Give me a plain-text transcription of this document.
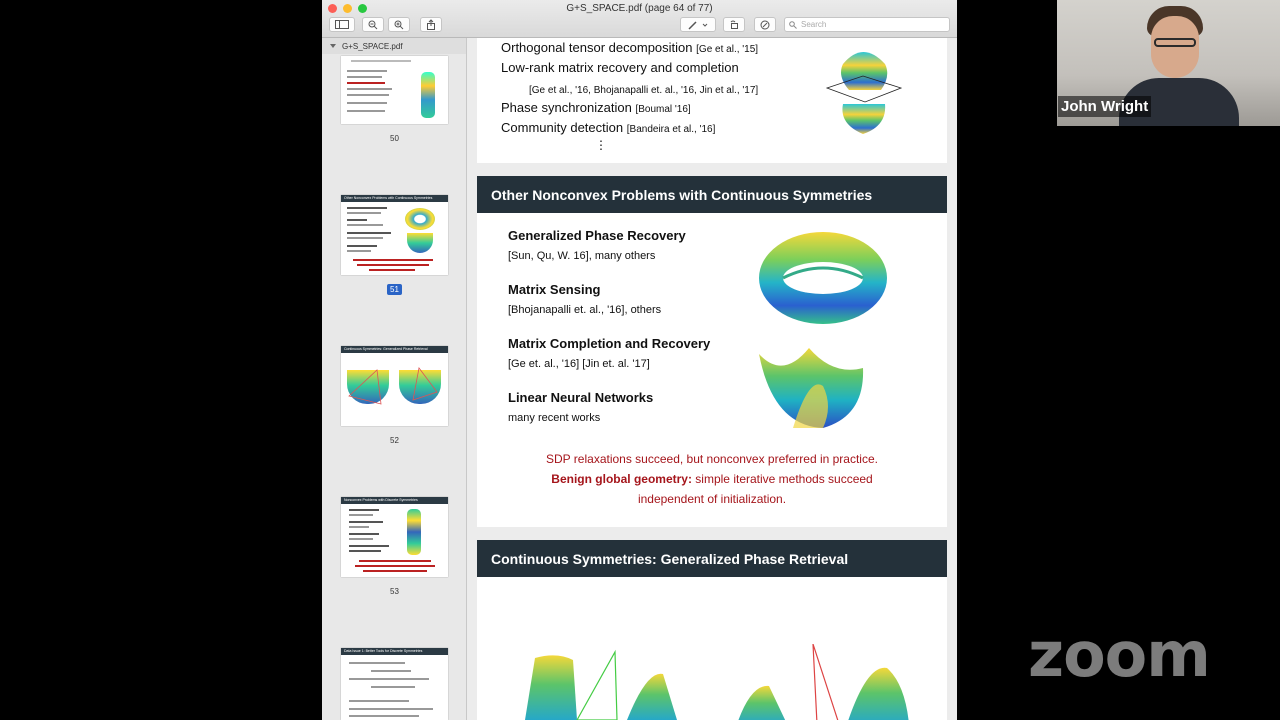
G+S_SPACE.pdf (page 64 of 77)
Search
G+S_SPACE.pdf
50
Other Nonconvex Problems with Continuous Symmetries
51
Continuous Symmetries: Generalized Phase Retrieval
52
Nonconvex Problems with Discrete Symmetries
53
Data Issue 1: Better Tools for Discrete Symmetries
Orthogonal tensor decomposition [Ge et al., '15]
Low-rank matrix recovery and completion
[Ge et al., '16, Bhojanapalli et. al., '16, Jin et al., '17]
Phase synchronization [Boumal '16]
Community detection [Bandeira et al., '16]
⋮
Other Nonconvex Problems with Continuous Symmetries
Generalized Phase Recovery
[Sun, Qu, W. 16], many others
Matrix Sensing
[Bhojanapalli et. al., '16], others
Matrix Completion and Recovery
[Ge et. al., '16] [Jin et. al. '17]
Linear Neural Networks
many recent works
SDP relaxations succeed, but nonconvex preferred in practice.
Benign global geometry: simple iterative methods succeed
independent of initialization.
Continuous Symmetries: Generalized Phase Retrieval
John Wright
zoom
